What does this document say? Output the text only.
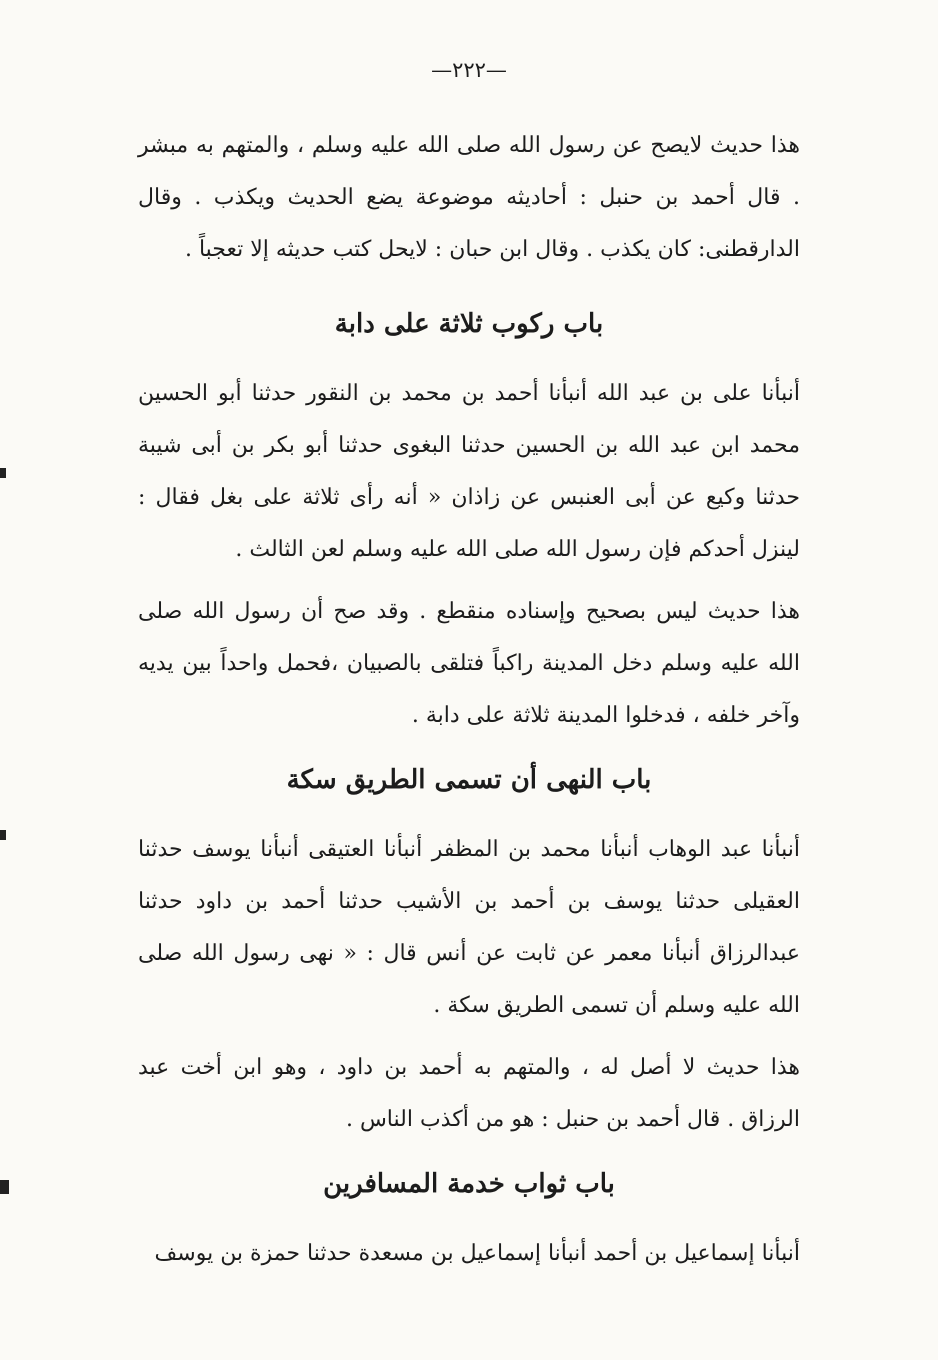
—٢٢٢—

هذا حديث لايصح عن رسول الله صلى الله عليه وسلم ، والمتهم به مبشر . قال أحمد بن حنبل : أحاديثه موضوعة يضع الحديث ويكذب . وقال الدارقطنى: كان يكذب . وقال ابن حبان : لايحل كتب حديثه إلا تعجباً .

باب ركوب ثلاثة على دابة

أنبأنا على بن عبد الله أنبأنا أحمد بن محمد بن النقور حدثنا أبو الحسين محمد ابن عبد الله بن الحسين حدثنا البغوى حدثنا أبو بكر بن أبى شيبة حدثنا وكيع عن أبى العنبس عن زاذان « أنه رأى ثلاثة على بغل فقال : لينزل أحدكم فإن رسول الله صلى الله عليه وسلم لعن الثالث .

هذا حديث ليس بصحيح وإسناده منقطع . وقد صح أن رسول الله صلى الله عليه وسلم دخل المدينة راكباً فتلقى بالصبيان ،فحمل واحداً بين يديه وآخر خلفه ، فدخلوا المدينة ثلاثة على دابة .

باب النهى أن تسمى الطريق سكة

أنبأنا عبد الوهاب أنبأنا محمد بن المظفر أنبأنا العتيقى أنبأنا يوسف حدثنا العقيلى حدثنا يوسف بن أحمد بن الأشيب حدثنا أحمد بن داود حدثنا عبدالرزاق أنبأنا معمر عن ثابت عن أنس قال : « نهى رسول الله صلى الله عليه وسلم أن تسمى الطريق سكة .

هذا حديث لا أصل له ، والمتهم به أحمد بن داود ، وهو ابن أخت عبد الرزاق . قال أحمد بن حنبل : هو من أكذب الناس .

باب ثواب خدمة المسافرين

أنبأنا إسماعيل بن أحمد أنبأنا إسماعيل بن مسعدة حدثنا حمزة بن يوسف
